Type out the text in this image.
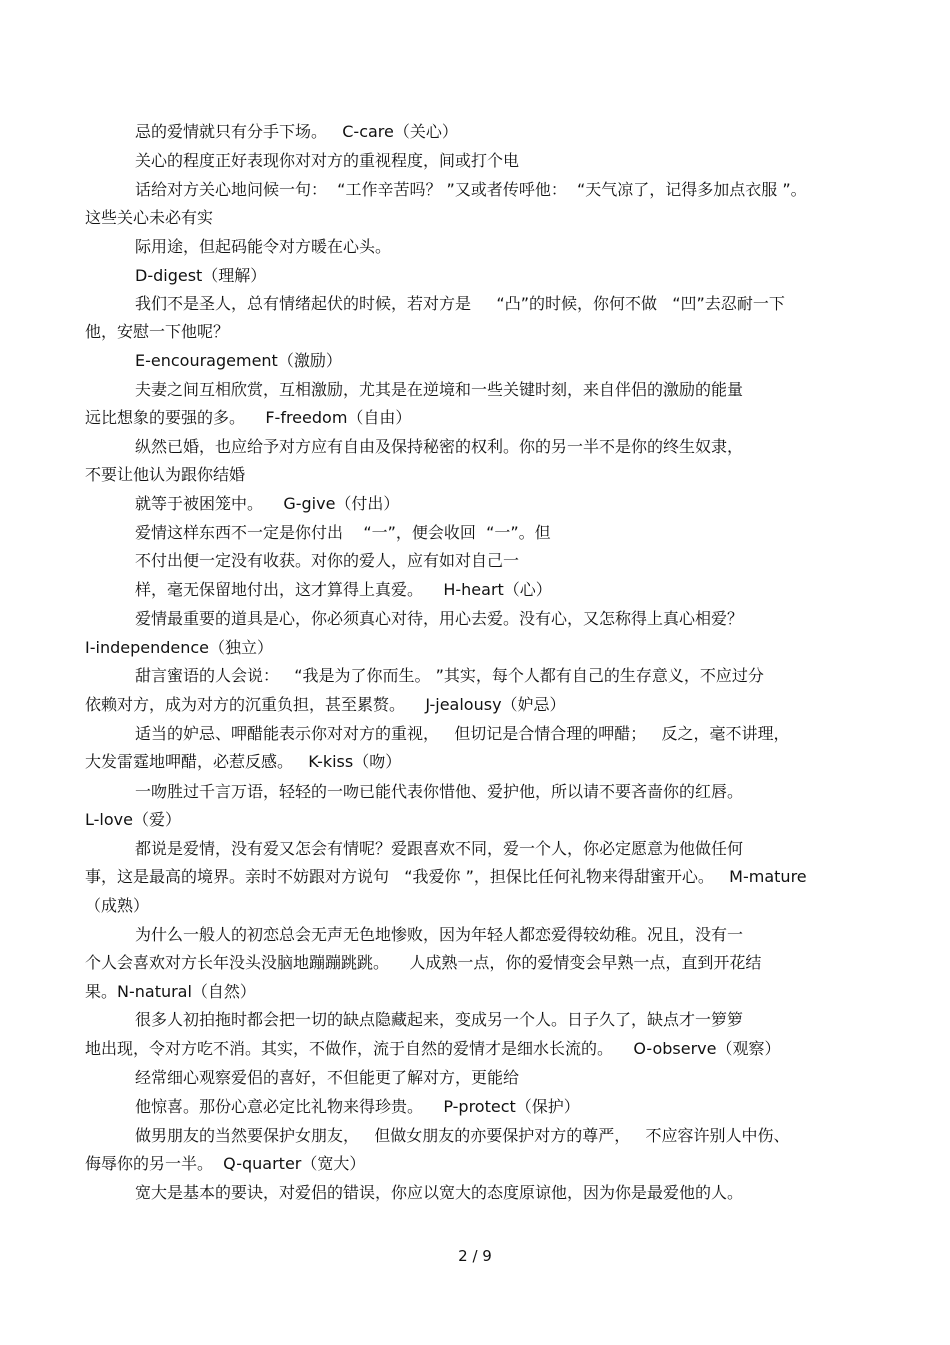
忌的爱情就只有分手下场。   C-care（关心）

关心的程度正好表现你对对方的重视程度，间或打个电

话给对方关心地问候一句：  “工作辛苦吗？ ”又或者传呼他：  “天气凉了，记得多加点衣服 ”。

这些关心未必有实

际用途，但起码能令对方暖在心头。

D-digest（理解）

我们不是圣人，总有情绪起伏的时候，若对方是     “凸”的时候，你何不做   “凹”去忍耐一下

他，安慰一下他呢？

E-encouragement（激励）

夫妻之间互相欣赏，互相激励，尤其是在逆境和一些关键时刻，来自伴侣的激励的能量

远比想象的要强的多。    F-freedom（自由）

纵然已婚，也应给予对方应有自由及保持秘密的权利。你的另一半不是你的终生奴隶，

不要让他认为跟你结婚

就等于被困笼中。    G-give（付出）

爱情这样东西不一定是你付出    “一”，便会收回  “一”。但

不付出便一定没有收获。对你的爱人，应有如对自己一

样，毫无保留地付出，这才算得上真爱。    H-heart（心）

爱情最重要的道具是心，你必须真心对待，用心去爱。没有心，又怎称得上真心相爱？

I-independence（独立）

甜言蜜语的人会说：   “我是为了你而生。 ”其实，每个人都有自己的生存意义，不应过分

依赖对方，成为对方的沉重负担，甚至累赘。    J-jealousy（妒忌）

适当的妒忌、呷醋能表示你对对方的重视，   但切记是合情合理的呷醋；   反之，毫不讲理，

大发雷霆地呷醋，必惹反感。   K-kiss（吻）

一吻胜过千言万语，轻轻的一吻已能代表你惜他、爱护他，所以请不要吝啬你的红唇。

L-love（爱）

都说是爱情，没有爱又怎会有情呢？爱跟喜欢不同，爱一个人，你必定愿意为他做任何

事，这是最高的境界。亲时不妨跟对方说句   “我爱你 ”，担保比任何礼物来得甜蜜开心。   M-mature

（成熟）

为什么一般人的初恋总会无声无色地惨败，因为年轻人都恋爱得较幼稚。况且，没有一

个人会喜欢对方长年没头没脑地蹦蹦跳跳。    人成熟一点，你的爱情变会早熟一点，直到开花结

果。N-natural（自然）

很多人初拍拖时都会把一切的缺点隐藏起来，变成另一个人。日子久了，缺点才一箩箩

地出现，令对方吃不消。其实，不做作，流于自然的爱情才是细水长流的。    O-observe（观察）

经常细心观察爱侣的喜好，不但能更了解对方，更能给

他惊喜。那份心意必定比礼物来得珍贵。    P-protect（保护）

做男朋友的当然要保护女朋友，   但做女朋友的亦要保护对方的尊严，   不应容许别人中伤、

侮辱你的另一半。  Q-quarter（宽大）

宽大是基本的要诀，对爱侣的错误，你应以宽大的态度原谅他，因为你是最爱他的人。

2 / 9
